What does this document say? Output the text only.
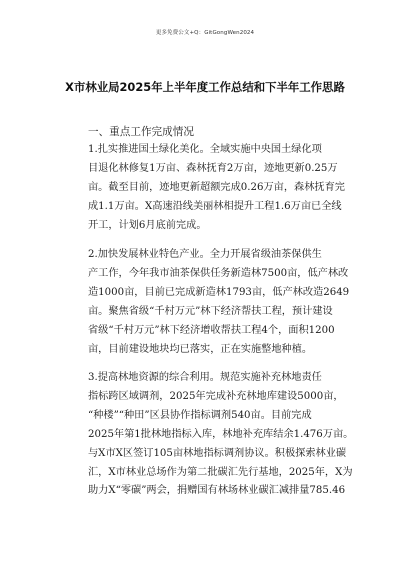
更多免费公文+Q：GitGongWen2024
X市林业局2025年上半年度工作总结和下半年工作思路
一、重点工作完成情况
1.扎实推进国土绿化美化。全域实施中央国土绿化项
目退化林修复1万亩、森林抚育2万亩，迹地更新0.25万
亩。截至目前，迹地更新超额完成0.26万亩，森林抚育完
成1.1万亩。X高速沿线美丽林相提升工程1.6万亩已全线
开工，计划6月底前完成。
2.加快发展林业特色产业。全力开展省级油茶保供生
产工作，今年我市油茶保供任务新造林7500亩，低产林改
造1000亩，目前已完成新造林1793亩，低产林改造2649
亩。聚焦省级“千村万元”林下经济帮扶工程，预计建设
省级“千村万元”林下经济增收帮扶工程4个，面积1200
亩，目前建设地块均已落实，正在实施整地种植。
3.提高林地资源的综合利用。规范实施补充林地责任
指标跨区域调剂，2025年完成补充林地库建设5000亩，
“种楼”“种田”区县协作指标调剂540亩。目前完成
2025年第1批林地指标入库，林地补充库结余1.476万亩。
与X市X区签订105亩林地指标调剂协议。积极探索林业碳
汇，X市林业总场作为第二批碳汇先行基地，2025年，X为
助力X“零碳”两会，捐赠国有林场林业碳汇减排量785.46
